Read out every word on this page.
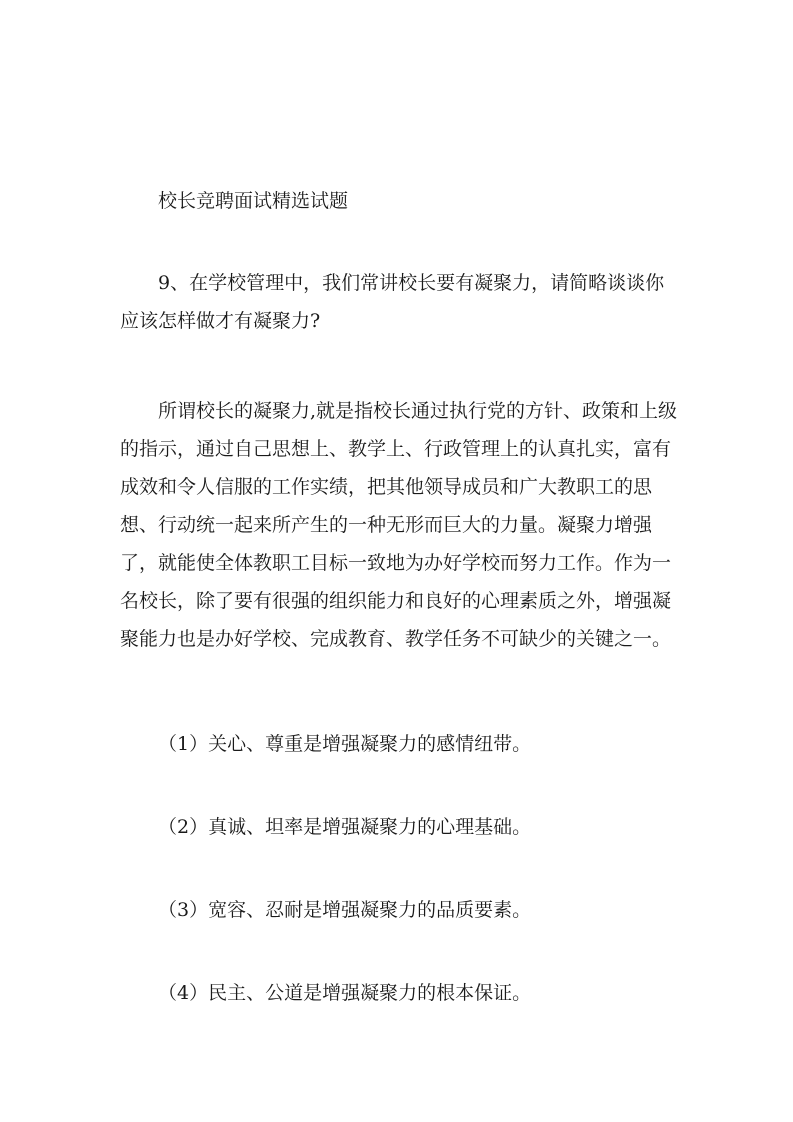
校长竞聘面试精选试题

9、在学校管理中，我们常讲校长要有凝聚力，请简略谈谈你应该怎样做才有凝聚力?

所谓校长的凝聚力,就是指校长通过执行党的方针、政策和上级的指示，通过自己思想上、教学上、行政管理上的认真扎实，富有成效和令人信服的工作实绩，把其他领导成员和广大教职工的思想、行动统一起来所产生的一种无形而巨大的力量。凝聚力增强了，就能使全体教职工目标一致地为办好学校而努力工作。作为一名校长，除了要有很强的组织能力和良好的心理素质之外，增强凝聚能力也是办好学校、完成教育、教学任务不可缺少的关键之一。

（1）关心、尊重是增强凝聚力的感情纽带。

（2）真诚、坦率是增强凝聚力的心理基础。

（3）宽容、忍耐是增强凝聚力的品质要素。

（4）民主、公道是增强凝聚力的根本保证。
